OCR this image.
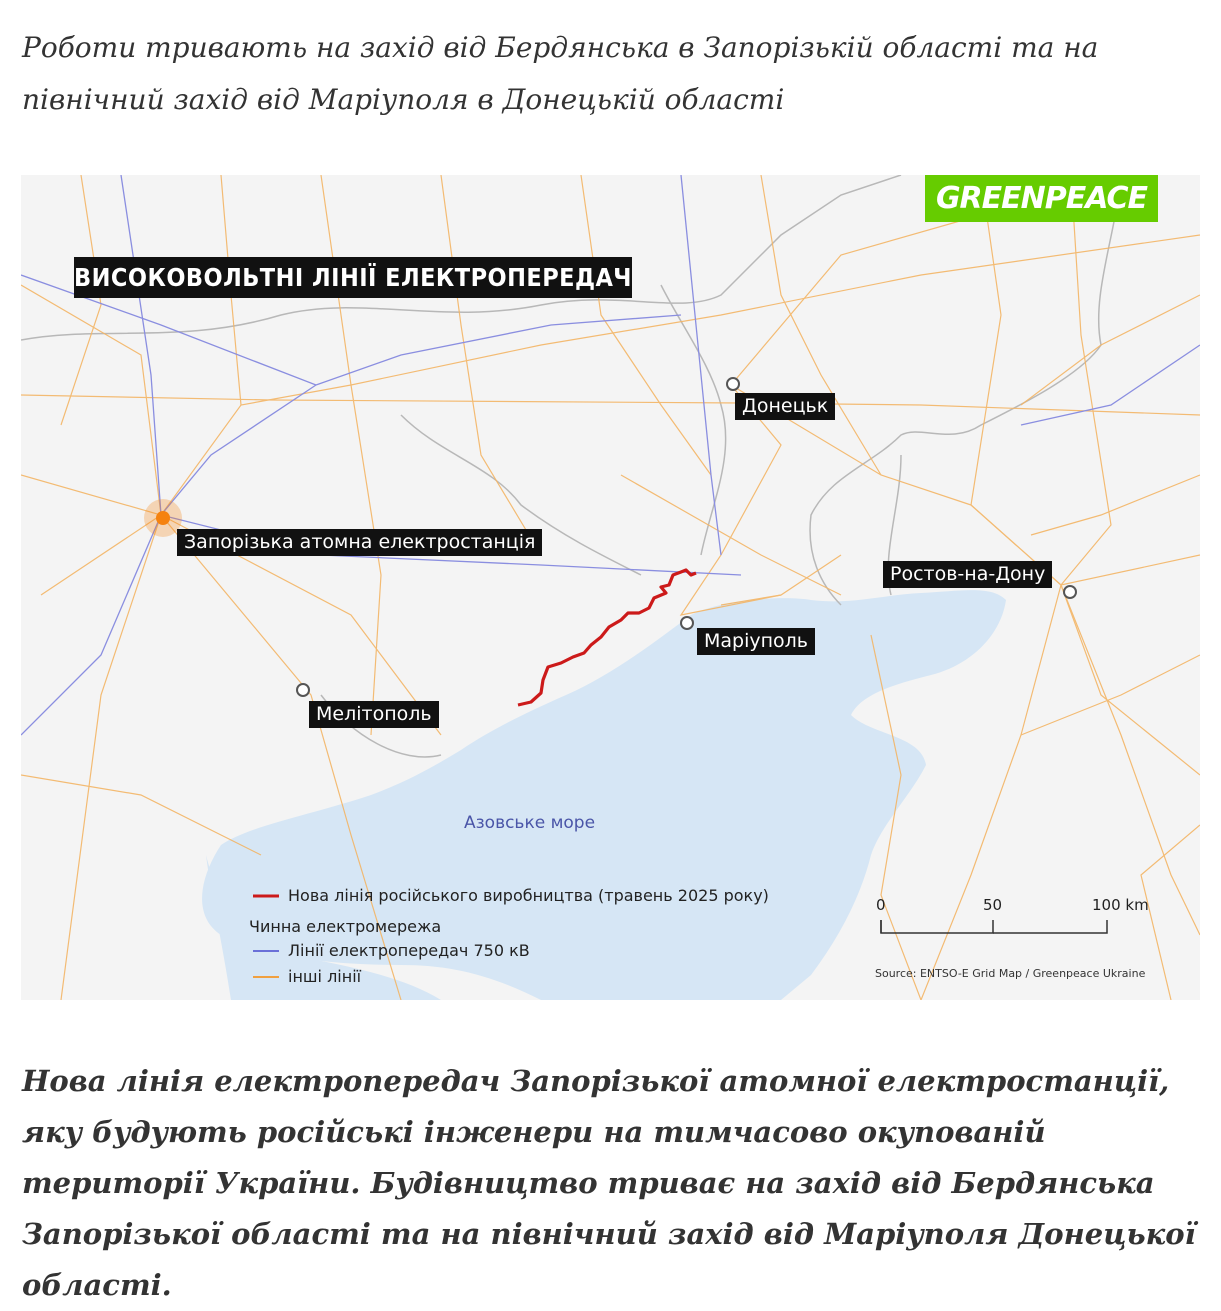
Роботи тривають на захід від Бердянська в Запорізькій області та на північний захід від Маріуполя в Донецькій області
ВИСОКОВОЛЬТНІ ЛІНІЇ ЕЛЕКТРОПЕРЕДАЧ
GREENPEACE
Запорізька атомна електростанція
Донецьк
Ростов-на-Дону
Маріуполь
Мелітополь
Азовське море
Нова лінія російського виробництва (травень 2025 року)
Чинна електромережа
Лінії електропередач 750 кВ
інші лінії
0	50	100 km
Source: ENTSO-E Grid Map / Greenpeace Ukraine
Нова лінія електропередач Запорізької атомної електростанції, яку будують російські інженери на тимчасово окупованій території України. Будівництво триває на захід від Бердянська Запорізької області та на північний захід від Маріуполя Донецької області.
